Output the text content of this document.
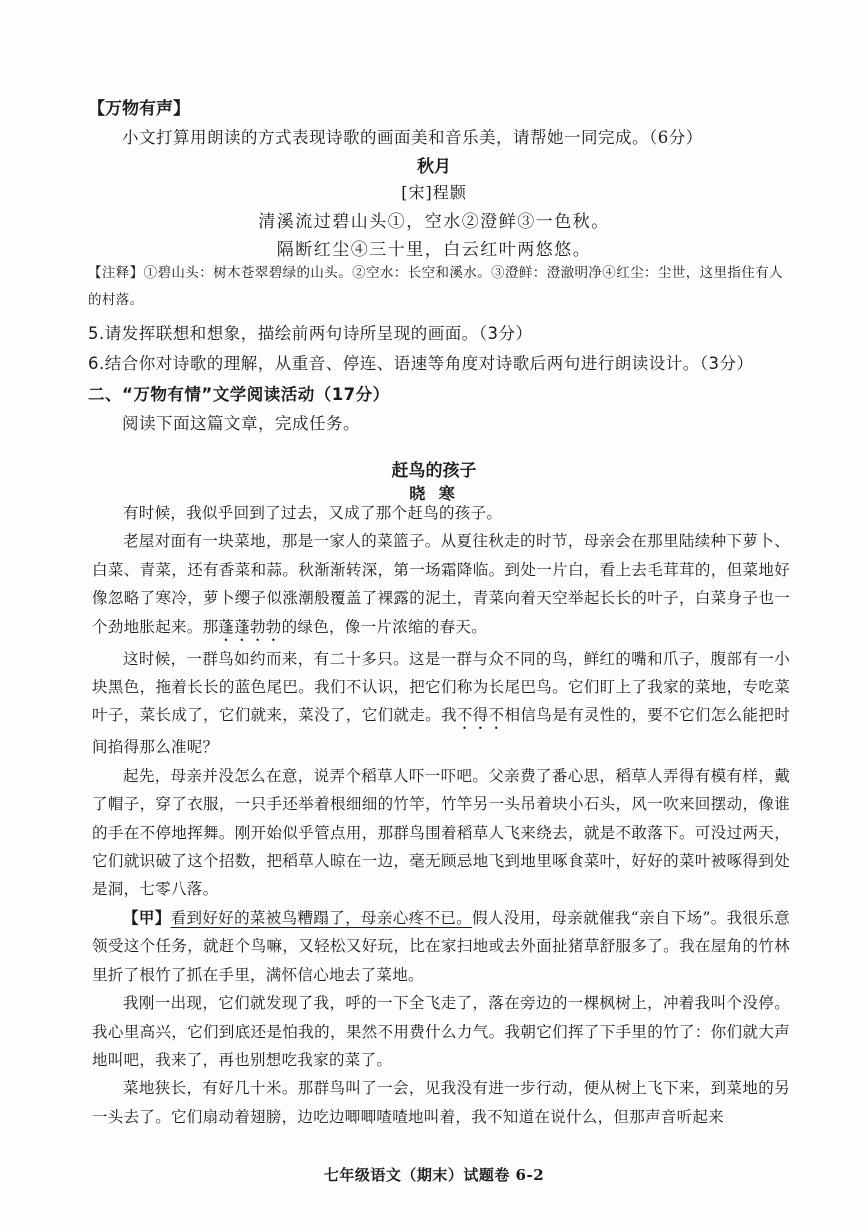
【万物有声】
小文打算用朗读的方式表现诗歌的画面美和音乐美，请帮她一同完成。（6分）
秋月
[宋]程颢
清溪流过碧山头①，空水②澄鲜③一色秋。
隔断红尘④三十里，白云红叶两悠悠。
【注释】①碧山头：树木苍翠碧绿的山头。②空水：长空和溪水。③澄鲜：澄澈明净④红尘：尘世，这里指住有人的村落。
5.请发挥联想和想象，描绘前两句诗所呈现的画面。（3分）
6.结合你对诗歌的理解，从重音、停连、语速等角度对诗歌后两句进行朗读设计。（3分）
二、“万物有情”文学阅读活动（17分）
阅读下面这篇文章，完成任务。
赶鸟的孩子
晓 寒

有时候，我似乎回到了过去，又成了那个赶鸟的孩子。

老屋对面有一块菜地，那是一家人的菜篮子。从夏往秋走的时节，母亲会在那里陆续种下萝卜、白菜、青菜，还有香菜和蒜。秋渐渐转深，第一场霜降临。到处一片白，看上去毛茸茸的，但菜地好像忽略了寒冷，萝卜缨子似涨潮般覆盖了裸露的泥土，青菜向着天空举起长长的叶子，白菜身子也一个劲地胀起来。那蓬蓬勃勃的绿色，像一片浓缩的春天。

这时候，一群鸟如约而来，有二十多只。这是一群与众不同的鸟，鲜红的嘴和爪子，腹部有一小块黑色，拖着长长的蓝色尾巴。我们不认识，把它们称为长尾巴鸟。它们盯上了我家的菜地，专吃菜叶子，菜长成了，它们就来，菜没了，它们就走。我不得不相信鸟是有灵性的，要不它们怎么能把时间掐得那么准呢？

起先，母亲并没怎么在意，说弄个稻草人吓一吓吧。父亲费了番心思，稻草人弄得有模有样，戴了帽子，穿了衣服，一只手还举着根细细的竹竿，竹竿另一头吊着块小石头，风一吹来回摆动，像谁的手在不停地挥舞。刚开始似乎管点用，那群鸟围着稻草人飞来绕去，就是不敢落下。可没过两天，它们就识破了这个招数，把稻草人晾在一边，毫无顾忌地飞到地里啄食菜叶，好好的菜叶被啄得到处是洞，七零八落。

【甲】看到好好的菜被鸟糟蹋了，母亲心疼不已。假人没用，母亲就催我“亲自下场”。我很乐意领受这个任务，就赶个鸟嘛，又轻松又好玩，比在家扫地或去外面扯猪草舒服多了。我在屋角的竹林里折了根竹了抓在手里，满怀信心地去了菜地。

我刚一出现，它们就发现了我，呼的一下全飞走了，落在旁边的一棵枫树上，冲着我叫个没停。我心里高兴，它们到底还是怕我的，果然不用费什么力气。我朝它们挥了下手里的竹了：你们就大声地叫吧，我来了，再也别想吃我家的菜了。

菜地狭长，有好几十米。那群鸟叫了一会，见我没有进一步行动，便从树上飞下来，到菜地的另一头去了。它们扇动着翅膀，边吃边唧唧喳喳地叫着，我不知道在说什么，但那声音听起来

七年级语文（期末）试题卷 6-2
